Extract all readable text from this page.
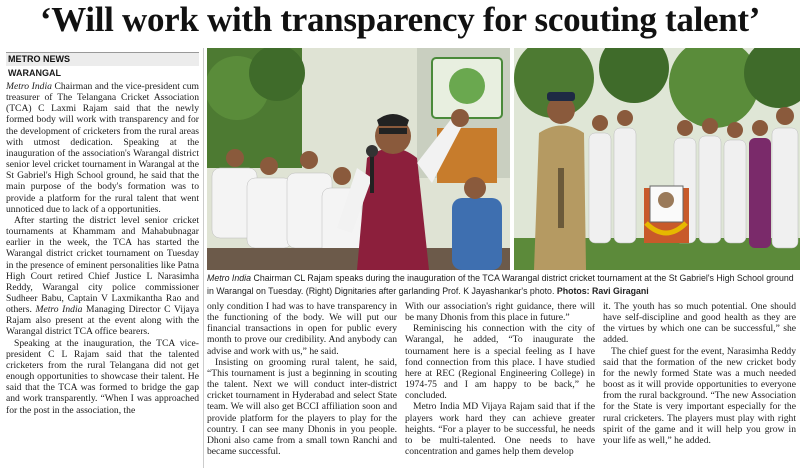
‘Will work with transparency for scouting talent’
METRO NEWS
WARANGAL

Metro India Chairman and the vice-president cum treasurer of The Telangana Cricket Association (TCA) C Laxmi Rajam said that the newly formed body will work with transparency and for the development of cricketers from the rural areas with utmost dedication. Speaking at the inauguration of the association's Warangal district senior level cricket tournament in Warangal at the St Gabriel's High School ground, he said that the main purpose of the body's formation was to provide a platform for the rural talent that went unnoticed due to lack of a opportunities.

After starting the district level senior cricket tournaments at Khammam and Mahabubnagar earlier in the week, the TCA has started the Warangal district cricket tournament on Tuesday in the presence of eminent personalities like Patna High Court retired Chief Justice L Narasimha Reddy, Warangal city police commissioner Sudheer Babu, Captain V Laxmikantha Rao and others. Metro India Managing Director C Vijaya Rajam also present at the event along with the Warangal district TCA office bearers.

Speaking at the inauguration, the TCA vice-president C L Rajam said that the talented cricketers from the rural Telangana did not get enough opportunities to showcase their talent. He said that the TCA was formed to bridge the gap and work transparently. “When I was approached for the post in the association, the

Metro India Chairman CL Rajam speaks during the inauguration of the TCA Warangal district cricket tournament at the St Gabriel's High School ground in Warangal on Tuesday. (Right) Dignitaries after garlanding Prof. K Jayashankar's photo. Photos: Ravi Giragani

only condition I had was to have transparency in the functioning of the body. We will put our financial transactions in open for public every month to prove our credibility. And anybody can advise and work with us,” he said.

Insisting on grooming rural talent, he said, “This tournament is just a beginning in scouting the talent. Next we will conduct inter-district cricket tournament in Hyderabad and select State team. We will also get BCCI affiliation soon and provide platform for the players to play for the country. I can see many Dhonis in you people. Dhoni also came from a small town Ranchi and became successful.

With our association's right guidance, there will be many Dhonis from this place in future.”

Reminiscing his connection with the city of Warangal, he added, “To inaugurate the tournament here is a special feeling as I have fond connection from this place. I have studied here at REC (Regional Engineering College) in 1974-75 and I am happy to be back,” he concluded.

Metro India MD Vijaya Rajam said that if the players work hard they can achieve greater heights. “For a player to be successful, he needs to be multi-talented. One needs to have concentration and games help them develop

it. The youth has so much potential. One should have self-discipline and good health as they are the virtues by which one can be successful,” she added.

The chief guest for the event, Narasimha Reddy said that the formation of the new cricket body for the newly formed State was a much needed boost as it will provide opportunities to everyone from the rural background. “The new Association for the State is very important especially for the rural cricketers. The players must play with right spirit of the game and it will help you grow in your life as well,” he added.
